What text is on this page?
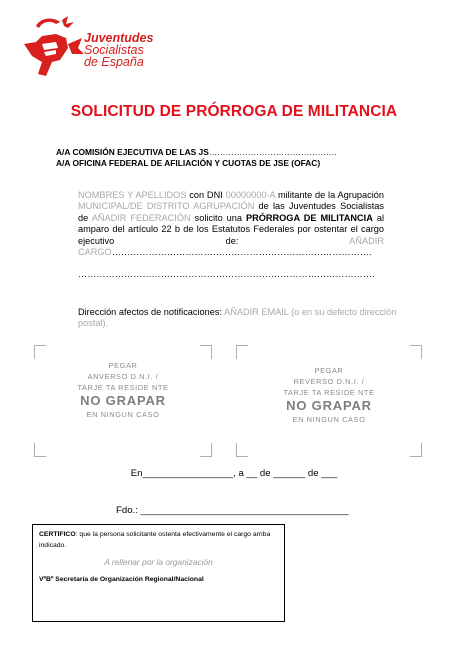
Juventudes
Socialistas
de España
SOLICITUD DE PRÓRROGA DE MILITANCIA
A/A COMISIÓN EJECUTIVA DE LAS JS……………………………………….
A/A OFICINA FEDERAL DE AFILIACIÓN Y CUOTAS DE JSE (OFAC)
NOMBRES Y APELLIDOS con DNI 00000000-A militante de la Agrupación MUNICIPAL/DE DISTRITO AGRUPACIÓN de las Juventudes Socialistas de AÑADIR FEDERACIÓN solicito una PRÓRROGA DE MILITANCIA al amparo del artículo 22 b de los Estatutos Federales por ostentar el cargo ejecutivo de: AÑADIR CARGO………………………………………………………………………….
…………………………………………………………………………………….
Dirección afectos de notificaciones: AÑADIR EMAIL (o en su defecto dirección postal).
PEGAR
ANVERSO D.N.I. /
TARJE TA RESIDE NTE
NO GRAPAR
EN NINGUN CASO
PEGAR
REVERSO D.N.I. /
TARJE TA RESIDE NTE
NO GRAPAR
EN NINGUN CASO
En_________________, a __ de ______ de ___
Fdo.: _______________________________________
CERTIFICO: que la persona solicitante ostenta efectivamente el cargo arriba indicado.
A rellenar por la organización
VºBº Secretaría de Organización Regional/Nacional
